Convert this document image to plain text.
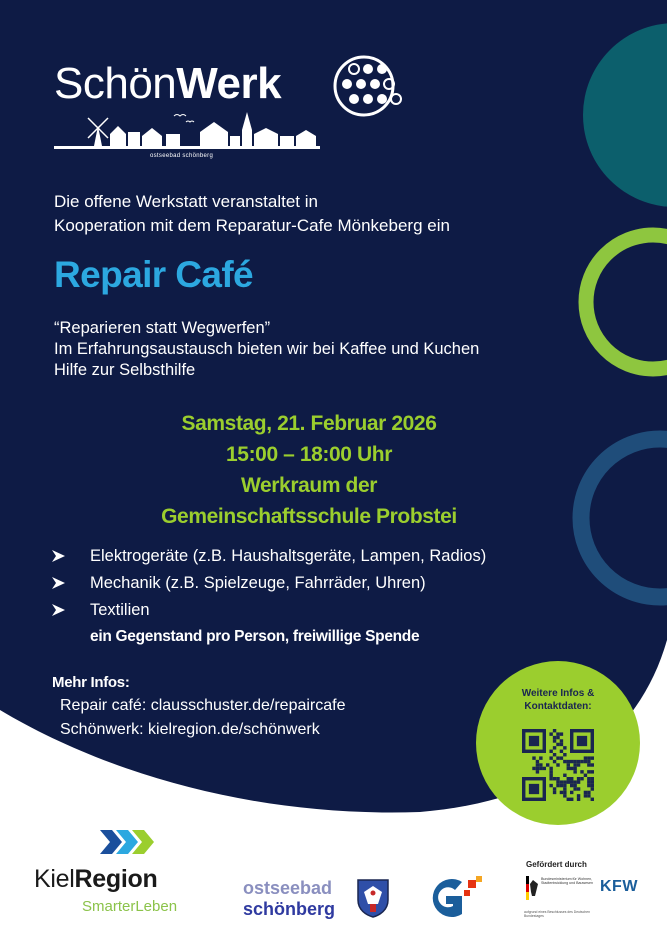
SchönWerk
ostseebad schönberg
Die offene Werkstatt veranstaltet in
Kooperation mit dem Reparatur-Cafe Mönkeberg ein
Repair Café
“Reparieren statt Wegwerfen”
Im Erfahrungsaustausch bieten wir bei Kaffee und Kuchen
Hilfe zur Selbsthilfe
Samstag, 21. Februar 2026
15:00 – 18:00 Uhr
Werkraum der
Gemeinschaftsschule Probstei
Elektrogeräte (z.B. Haushaltsgeräte, Lampen, Radios)
Mechanik (z.B. Spielzeuge, Fahrräder, Uhren)
Textilien
ein Gegenstand pro Person, freiwillige Spende
Mehr Infos:
Repair café: clausschuster.de/repaircafe
Schönwerk: kielregion.de/schönwerk
Weitere Infos &
Kontaktdaten:
KielRegion
SmarterLeben
ostseebad
schönberg
Gefördert durch
Bundesministerium für Wohnen, Stadtentwicklung und Bauwesen KFW
aufgrund eines Beschlusses des Deutschen Bundestages
